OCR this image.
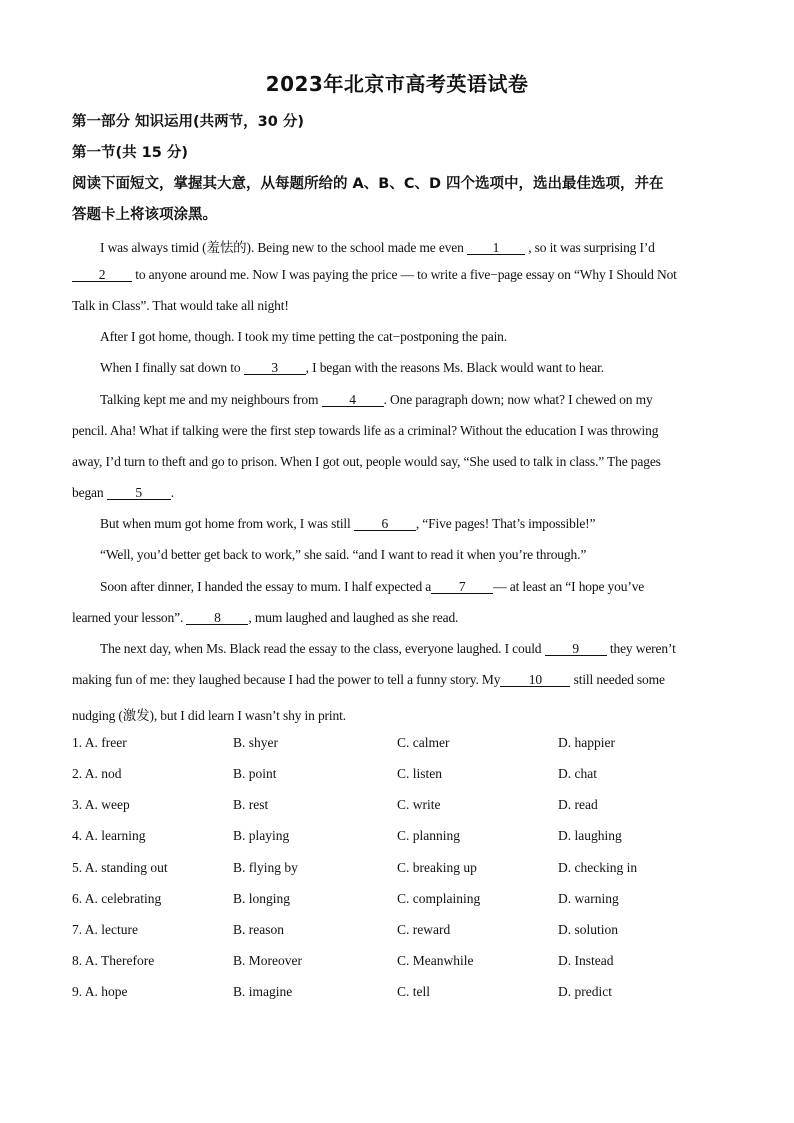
2023年北京市高考英语试卷
第一部分 知识运用(共两节，30 分)
第一节(共 15 分)
阅读下面短文，掌握其大意，从每题所给的 A、B、C、D 四个选项中，选出最佳选项，并在
答题卡上将该项涂黑。
I was always timid (羞怯的). Being new to the school made me even 1 , so it was surprising I’d
2 to anyone around me. Now I was paying the price — to write a five−page essay on “Why I Should Not
Talk in Class”. That would take all night!
After I got home, though. I took my time petting the cat−postponing the pain.
When I finally sat down to 3 , I began with the reasons Ms. Black would want to hear.
Talking kept me and my neighbours from 4 . One paragraph down; now what? I chewed on my
pencil. Aha! What if talking were the first step towards life as a criminal? Without the education I was throwing
away, I’d turn to theft and go to prison. When I got out, people would say, “She used to talk in class.” The pages
began 5 .
But when mum got home from work, I was still 6 , “Five pages! That’s impossible!”
“Well, you’d better get back to work,” she said. “and I want to read it when you’re through.”
Soon after dinner, I handed the essay to mum. I half expected a 7 — at least an “I hope you’ve
learned your lesson”. 8 , mum laughed and laughed as she read.
The next day, when Ms. Black read the essay to the class, everyone laughed. I could 9 they weren’t
making fun of me: they laughed because I had the power to tell a funny story. My 10 still needed some
nudging (激发), but I did learn I wasn’t shy in print.
1. A. freer	B. shyer	C. calmer	D. happier
2. A. nod	B. point	C. listen	D. chat
3. A. weep	B. rest	C. write	D. read
4. A. learning	B. playing	C. planning	D. laughing
5. A. standing out	B. flying by	C. breaking up	D. checking in
6. A. celebrating	B. longing	C. complaining	D. warning
7. A. lecture	B. reason	C. reward	D. solution
8. A. Therefore	B. Moreover	C. Meanwhile	D. Instead
9. A. hope	B. imagine	C. tell	D. predict
